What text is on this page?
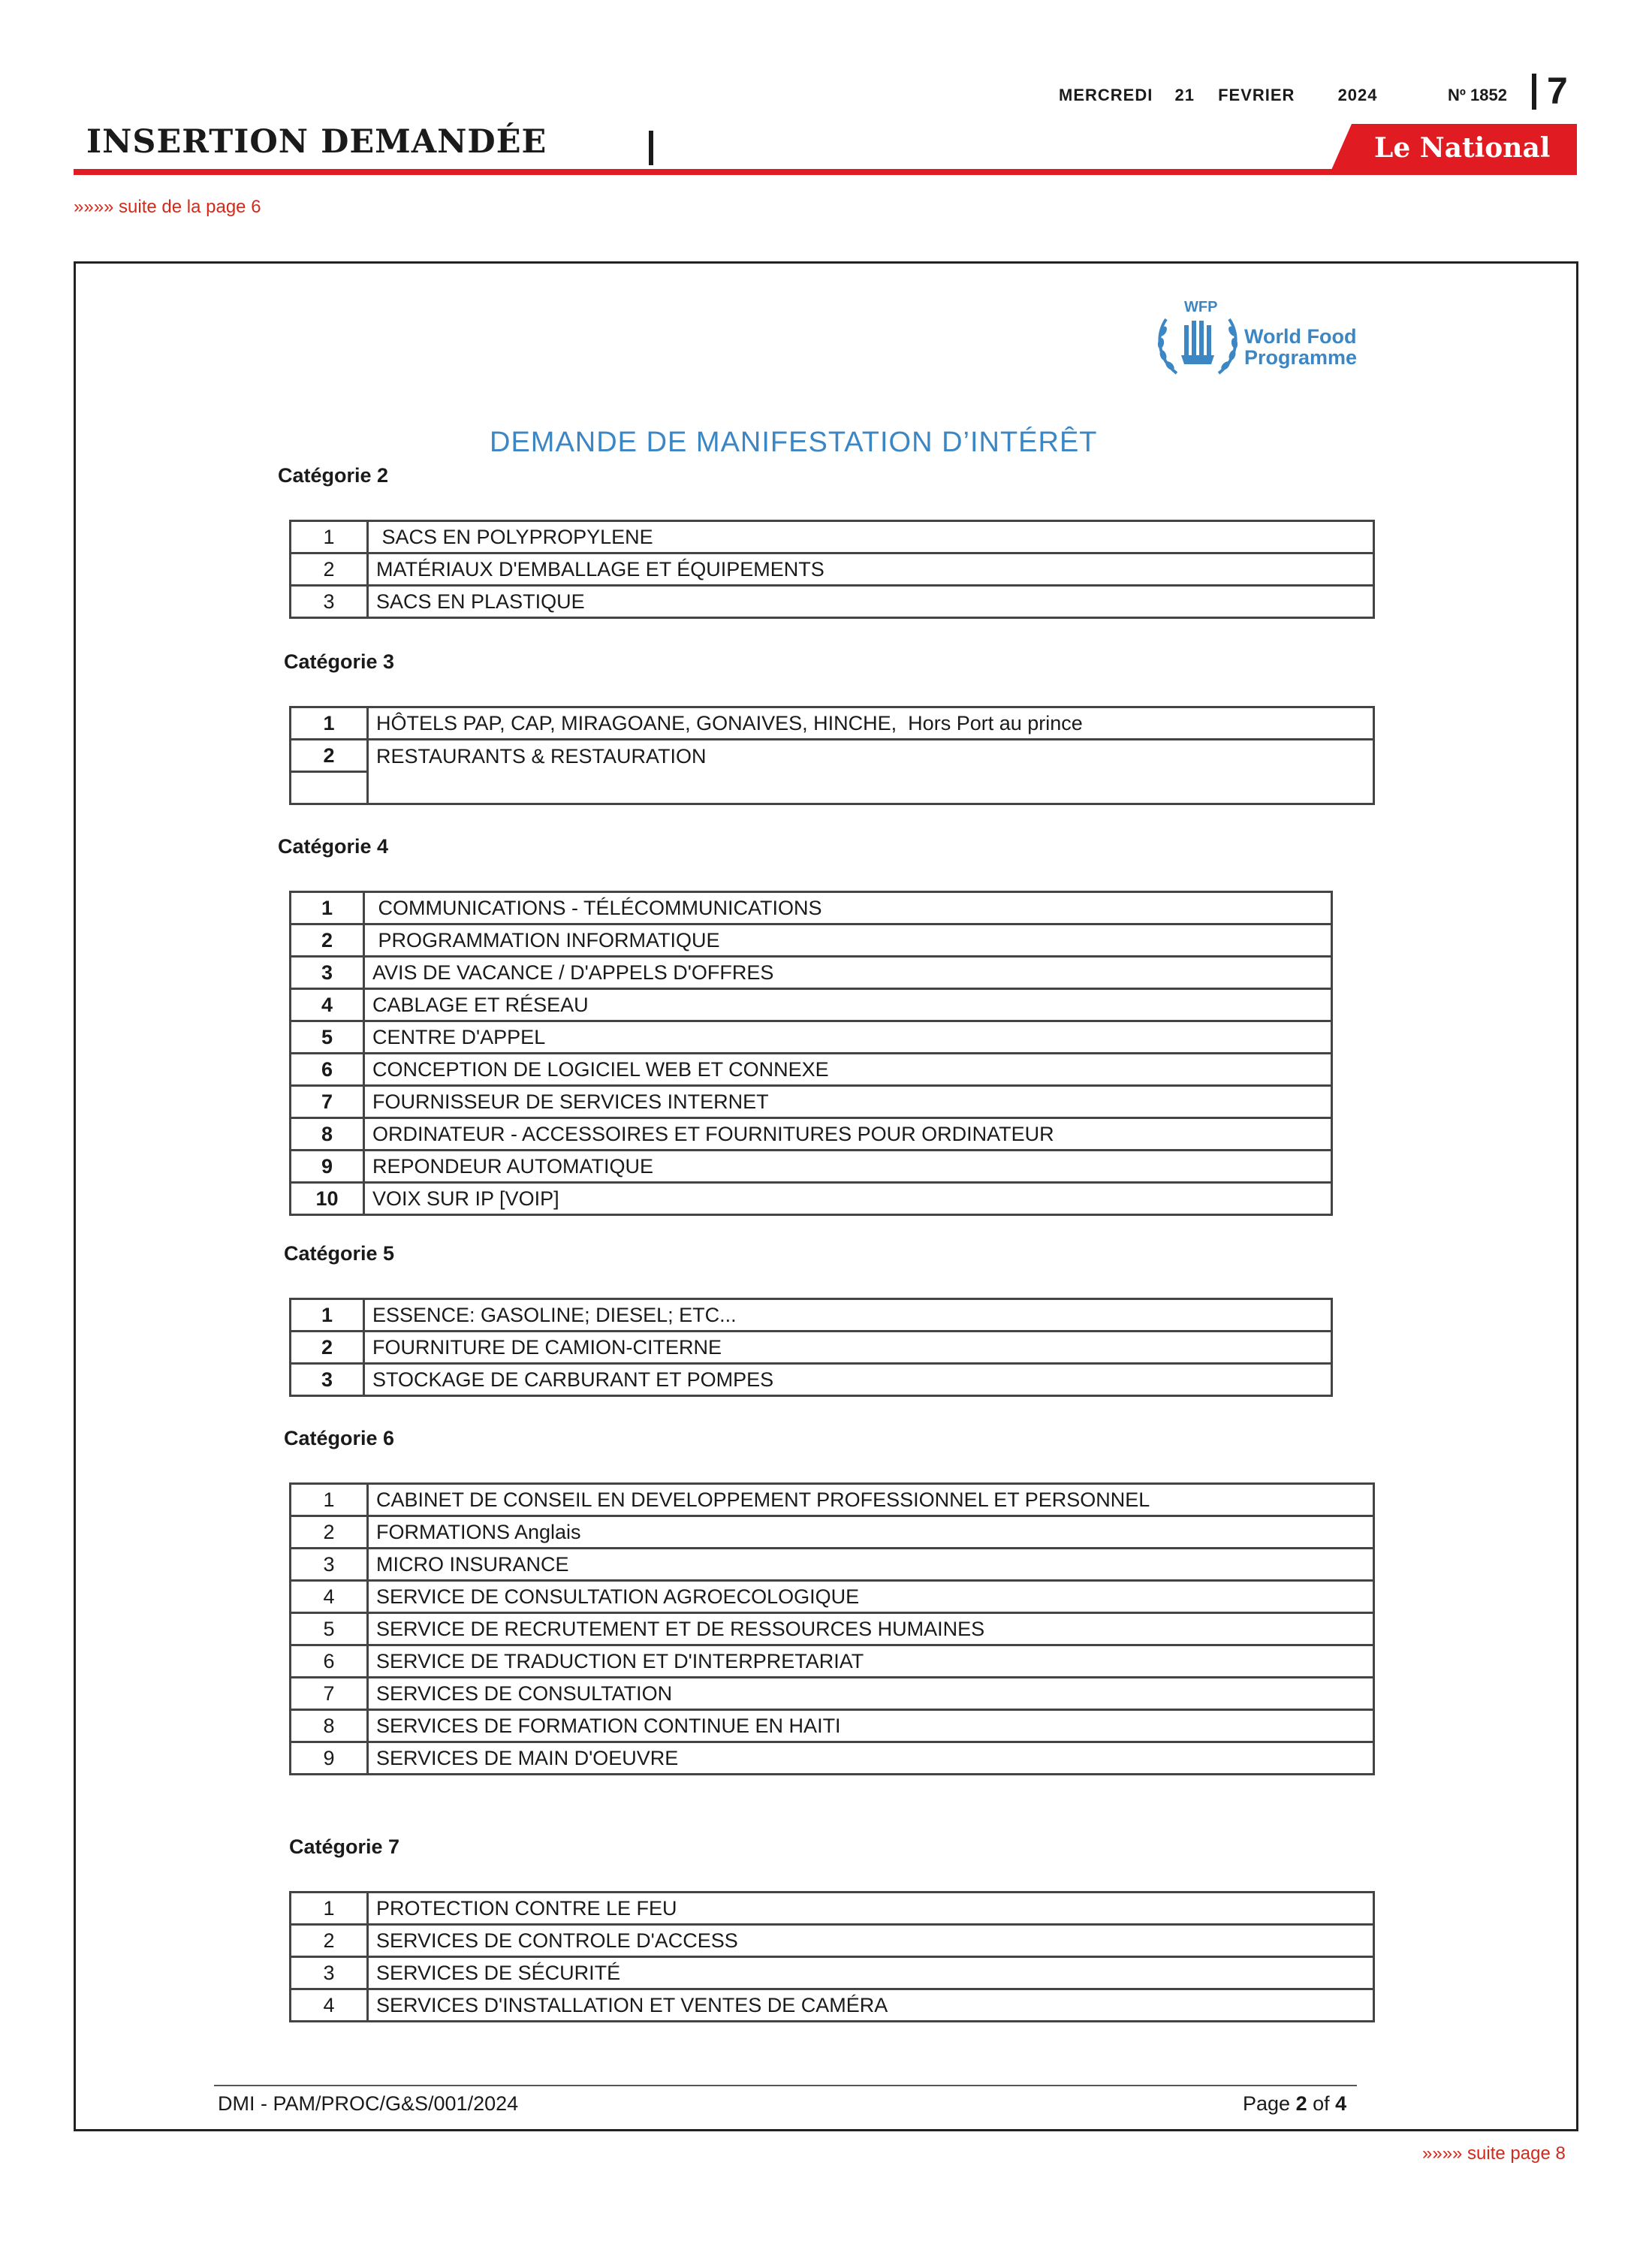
MERCREDI 21 FEVRIER	2024	Nº 1852 7
INSERTION DEMANDÉE	Le National
»»»» suite de la page 6
WFP
World Food
Programme
DEMANDE DE MANIFESTATION D’INTÉRÊT
Catégorie 2
1	SACS EN POLYPROPYLENE
2	MATÉRIAUX D'EMBALLAGE ET ÉQUIPEMENTS
3	SACS EN PLASTIQUE
Catégorie 3
1	HÔTELS PAP, CAP, MIRAGOANE, GONAIVES, HINCHE,  Hors Port au prince
2	RESTAURANTS & RESTAURATION

Catégorie 4
1	COMMUNICATIONS - TÉLÉCOMMUNICATIONS
2	PROGRAMMATION INFORMATIQUE
3	AVIS DE VACANCE / D'APPELS D'OFFRES
4	CABLAGE ET RÉSEAU
5	CENTRE D'APPEL
6	CONCEPTION DE LOGICIEL WEB ET CONNEXE
7	FOURNISSEUR DE SERVICES INTERNET
8	ORDINATEUR - ACCESSOIRES ET FOURNITURES POUR ORDINATEUR
9	REPONDEUR AUTOMATIQUE
10	VOIX SUR IP [VOIP]
Catégorie 5
1	ESSENCE: GASOLINE; DIESEL; ETC...
2	FOURNITURE DE CAMION-CITERNE
3	STOCKAGE DE CARBURANT ET POMPES
Catégorie 6
1	CABINET DE CONSEIL EN DEVELOPPEMENT PROFESSIONNEL ET PERSONNEL
2	FORMATIONS Anglais
3	MICRO INSURANCE
4	SERVICE DE CONSULTATION AGROECOLOGIQUE
5	SERVICE DE RECRUTEMENT ET DE RESSOURCES HUMAINES
6	SERVICE DE TRADUCTION ET D'INTERPRETARIAT
7	SERVICES DE CONSULTATION
8	SERVICES DE FORMATION CONTINUE EN HAITI
9	SERVICES DE MAIN D'OEUVRE
Catégorie 7
1	PROTECTION CONTRE LE FEU
2	SERVICES DE CONTROLE D'ACCESS
3	SERVICES DE SÉCURITÉ
4	SERVICES D'INSTALLATION ET VENTES DE CAMÉRA
DMI - PAM/PROC/G&S/001/2024	Page 2 of 4
»»»» suite page 8
